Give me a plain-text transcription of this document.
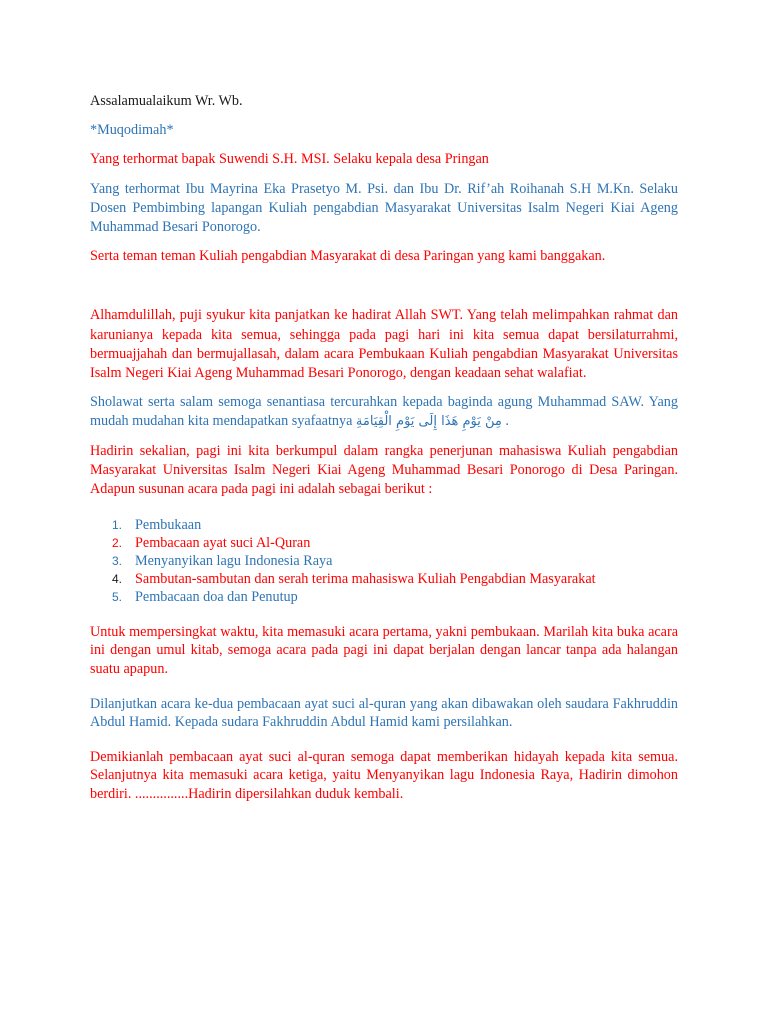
Assalamualaikum Wr. Wb.

*Muqodimah*

Yang terhormat bapak Suwendi S.H. MSI. Selaku kepala desa Pringan

Yang terhormat Ibu Mayrina Eka Prasetyo M. Psi. dan Ibu Dr. Rif’ah Roihanah S.H M.Kn. Selaku Dosen Pembimbing lapangan Kuliah pengabdian Masyarakat Universitas Isalm Negeri Kiai Ageng Muhammad Besari Ponorogo.

Serta teman teman Kuliah pengabdian Masyarakat di desa Paringan yang kami banggakan.

Alhamdulillah, puji syukur kita panjatkan ke hadirat Allah SWT. Yang telah melimpahkan rahmat dan karunianya kepada kita semua, sehingga pada pagi hari ini kita semua dapat bersilaturrahmi, bermuajjahah dan bermujallasah, dalam acara Pembukaan Kuliah pengabdian Masyarakat Universitas Isalm Negeri Kiai Ageng Muhammad Besari Ponorogo, dengan keadaan sehat walafiat.

Sholawat serta salam semoga senantiasa tercurahkan kepada baginda agung Muhammad SAW. Yang mudah mudahan kita mendapatkan syafaatnya مِنْ يَوْمِ هَذَا إِلَى يَوْمِ الْقِيَامَةِ .

Hadirin sekalian, pagi ini kita berkumpul dalam rangka penerjunan mahasiswa Kuliah pengabdian Masyarakat Universitas Isalm Negeri Kiai Ageng Muhammad Besari Ponorogo di Desa Paringan. Adapun susunan acara pada pagi ini adalah sebagai berikut :

1. Pembukaan
2. Pembacaan ayat suci Al-Quran
3. Menyanyikan lagu Indonesia Raya
4. Sambutan-sambutan dan serah terima mahasiswa Kuliah Pengabdian Masyarakat
5. Pembacaan doa dan Penutup

Untuk mempersingkat waktu, kita memasuki acara pertama, yakni pembukaan. Marilah kita buka acara ini dengan umul kitab, semoga acara pada pagi ini dapat berjalan dengan lancar tanpa ada halangan suatu apapun.

Dilanjutkan acara ke-dua pembacaan ayat suci al-quran yang akan dibawakan oleh saudara Fakhruddin Abdul Hamid. Kepada sudara Fakhruddin Abdul Hamid kami persilahkan.

Demikianlah pembacaan ayat suci al-quran semoga dapat memberikan hidayah kepada kita semua. Selanjutnya kita memasuki acara ketiga, yaitu Menyanyikan lagu Indonesia Raya, Hadirin dimohon berdiri. ...............Hadirin dipersilahkan duduk kembali.
